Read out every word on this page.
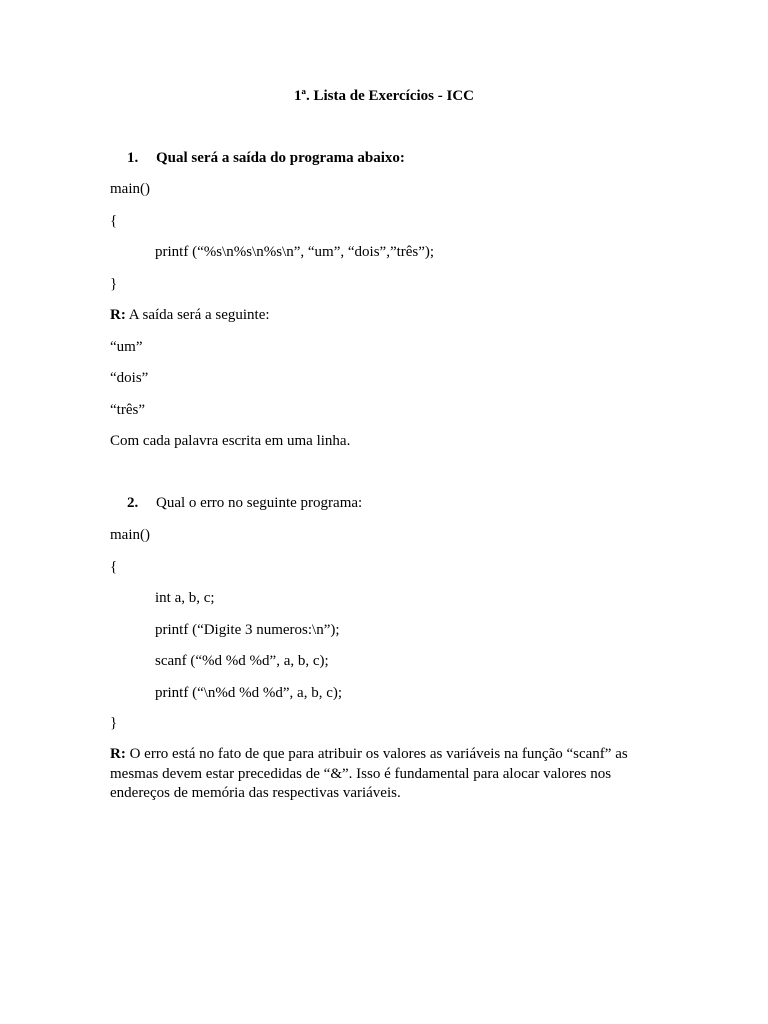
1ª. Lista de Exercícios - ICC
1. Qual será a saída do programa abaixo:
main()
{
printf (“%s\n%s\n%s\n”, “um”, “dois”,”três”);
}
R: A saída será a seguinte:
“um”
“dois”
“três”
Com cada palavra escrita em uma linha.
2. Qual o erro no seguinte programa:
main()
{
int a, b, c;
printf (“Digite 3 numeros:\n”);
scanf (“%d %d %d”, a, b, c);
printf (“\n%d %d %d”, a, b, c);
}
R: O erro está no fato de que para atribuir os valores as variáveis na função “scanf” as mesmas devem estar precedidas de “&”. Isso é fundamental para alocar valores nos endereços de memória das respectivas variáveis.
